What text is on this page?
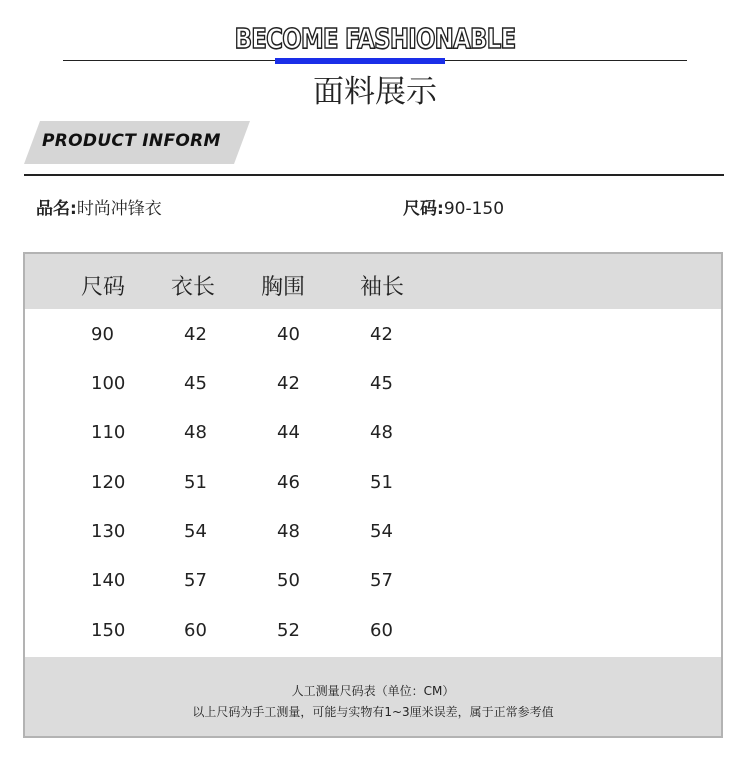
BECOME FASHIONABLE
面料展示
PRODUCT INFORM
品名:时尚冲锋衣	尺码:90-150
尺码 衣长 胸围 袖长
90	42	40	42
100	45	42	45
110	48	44	48
120	51	46	51
130	54	48	54
140	57	50	57
150	60	52	60
人工测量尺码表（单位：CM）
以上尺码为手工测量，可能与实物有1~3厘米误差，属于正常参考值
